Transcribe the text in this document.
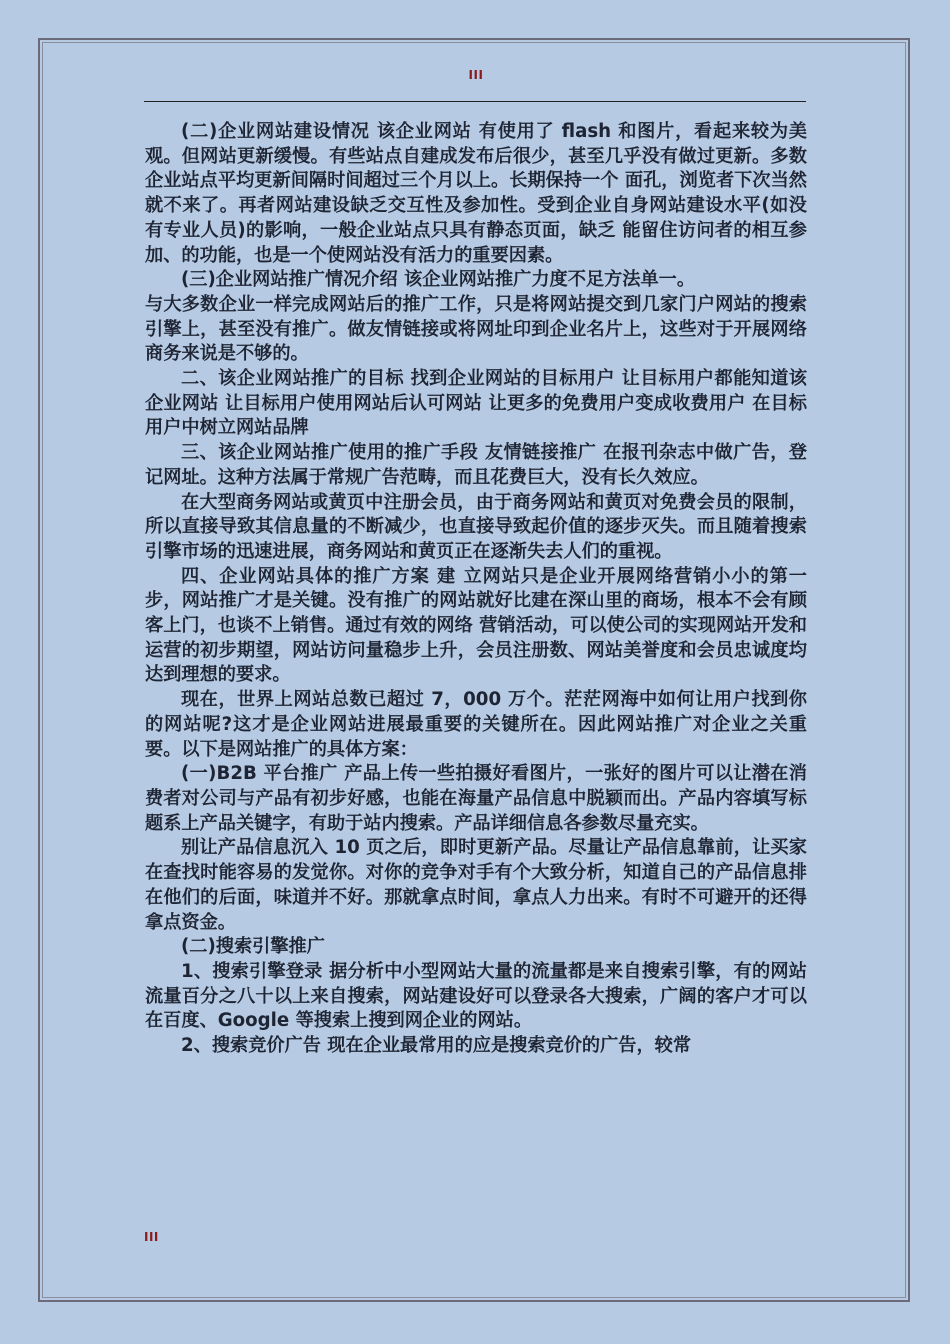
III

(二)企业网站建设情况 该企业网站 有使用了 flash 和图片，看起来较为美观。但网站更新缓慢。有些站点自建成发布后很少，甚至几乎没有做过更新。多数企业站点平均更新间隔时间超过三个月以上。长期保持一个 面孔，浏览者下次当然就不来了。再者网站建设缺乏交互性及参加性。受到企业自身网站建设水平(如没有专业人员)的影响，一般企业站点只具有静态页面，缺乏 能留住访问者的相互参加、的功能，也是一个使网站没有活力的重要因素。

(三)企业网站推广情况介绍 该企业网站推广力度不足方法单一。

与大多数企业一样完成网站后的推广工作，只是将网站提交到几家门户网站的搜索引擎上，甚至没有推广。做友情链接或将网址印到企业名片上，这些对于开展网络商务来说是不够的。

二、该企业网站推广的目标 找到企业网站的目标用户 让目标用户都能知道该企业网站 让目标用户使用网站后认可网站 让更多的免费用户变成收费用户 在目标用户中树立网站品牌

三、该企业网站推广使用的推广手段 友情链接推广 在报刊杂志中做广告，登记网址。这种方法属于常规广告范畴，而且花费巨大，没有长久效应。

在大型商务网站或黄页中注册会员，由于商务网站和黄页对免费会员的限制，所以直接导致其信息量的不断减少，也直接导致起价值的逐步灭失。而且随着搜索引擎市场的迅速进展，商务网站和黄页正在逐渐失去人们的重视。

四、企业网站具体的推广方案 建 立网站只是企业开展网络营销小小的第一步，网站推广才是关键。没有推广的网站就好比建在深山里的商场，根本不会有顾客上门，也谈不上销售。通过有效的网络 营销活动，可以使公司的实现网站开发和运营的初步期望，网站访问量稳步上升，会员注册数、网站美誉度和会员忠诚度均达到理想的要求。

现在，世界上网站总数已超过 7，000 万个。茫茫网海中如何让用户找到你的网站呢?这才是企业网站进展最重要的关键所在。因此网站推广对企业之关重要。以下是网站推广的具体方案：

(一)B2B 平台推广 产品上传一些拍摄好看图片，一张好的图片可以让潜在消费者对公司与产品有初步好感，也能在海量产品信息中脱颖而出。产品内容填写标题系上产品关键字，有助于站内搜索。产品详细信息各参数尽量充实。

别让产品信息沉入 10 页之后，即时更新产品。尽量让产品信息靠前，让买家在查找时能容易的发觉你。对你的竞争对手有个大致分析，知道自己的产品信息排在他们的后面，味道并不好。那就拿点时间，拿点人力出来。有时不可避开的还得拿点资金。

(二)搜索引擎推广

1、搜索引擎登录 据分析中小型网站大量的流量都是来自搜索引擎，有的网站流量百分之八十以上来自搜索，网站建设好可以登录各大搜索，广阔的客户才可以在百度、Google 等搜索上搜到网企业的网站。

2、搜索竞价广告 现在企业最常用的应是搜索竞价的广告，较常

III
